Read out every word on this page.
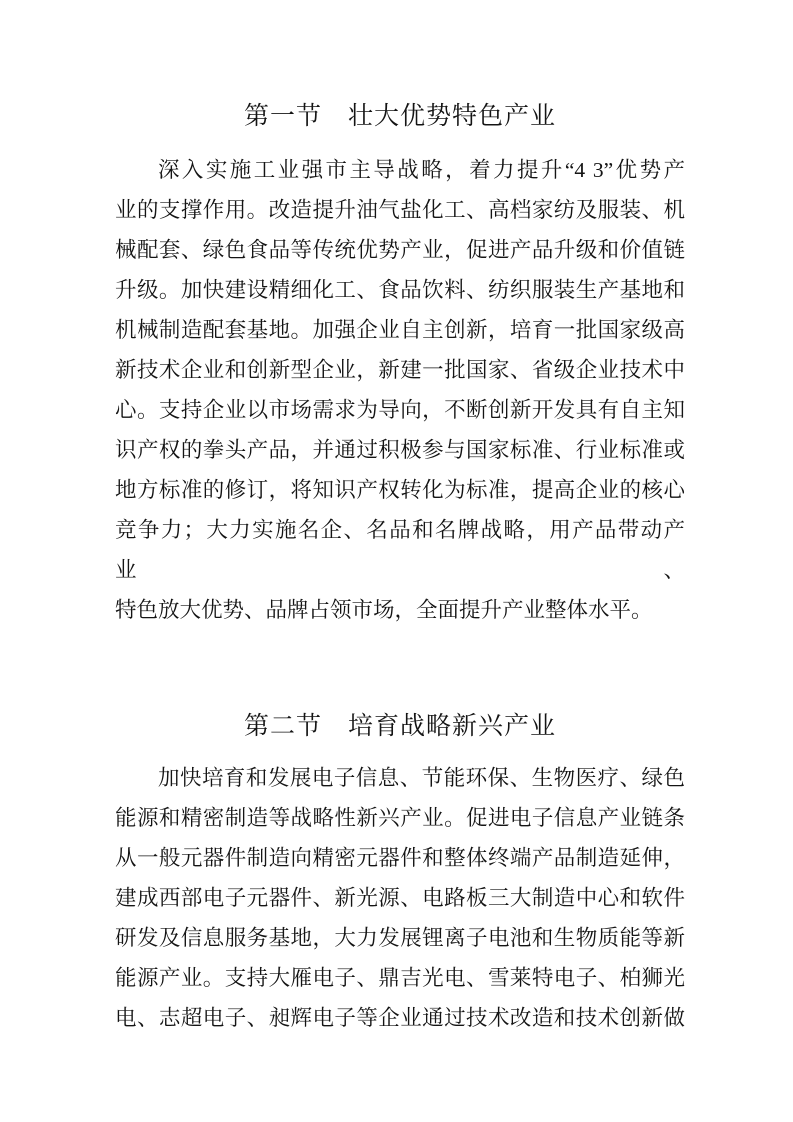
第一节　壮大优势特色产业
深入实施工业强市主导战略，着力提升“4 3”优势产
业的支撑作用。改造提升油气盐化工、高档家纺及服装、机
械配套、绿色食品等传统优势产业，促进产品升级和价值链
升级。加快建设精细化工、食品饮料、纺织服装生产基地和
机械制造配套基地。加强企业自主创新，培育一批国家级高
新技术企业和创新型企业，新建一批国家、省级企业技术中
心。支持企业以市场需求为导向，不断创新开发具有自主知
识产权的拳头产品，并通过积极参与国家标准、行业标准或
地方标准的修订，将知识产权转化为标准，提高企业的核心
竞争力；大力实施名企、名品和名牌战略，用产品带动产业、
特色放大优势、品牌占领市场，全面提升产业整体水平。
第二节　培育战略新兴产业
加快培育和发展电子信息、节能环保、生物医疗、绿色
能源和精密制造等战略性新兴产业。促进电子信息产业链条
从一般元器件制造向精密元器件和整体终端产品制造延伸，
建成西部电子元器件、新光源、电路板三大制造中心和软件
研发及信息服务基地，大力发展锂离子电池和生物质能等新
能源产业。支持大雁电子、鼎吉光电、雪莱特电子、柏狮光
电、志超电子、昶辉电子等企业通过技术改造和技术创新做
